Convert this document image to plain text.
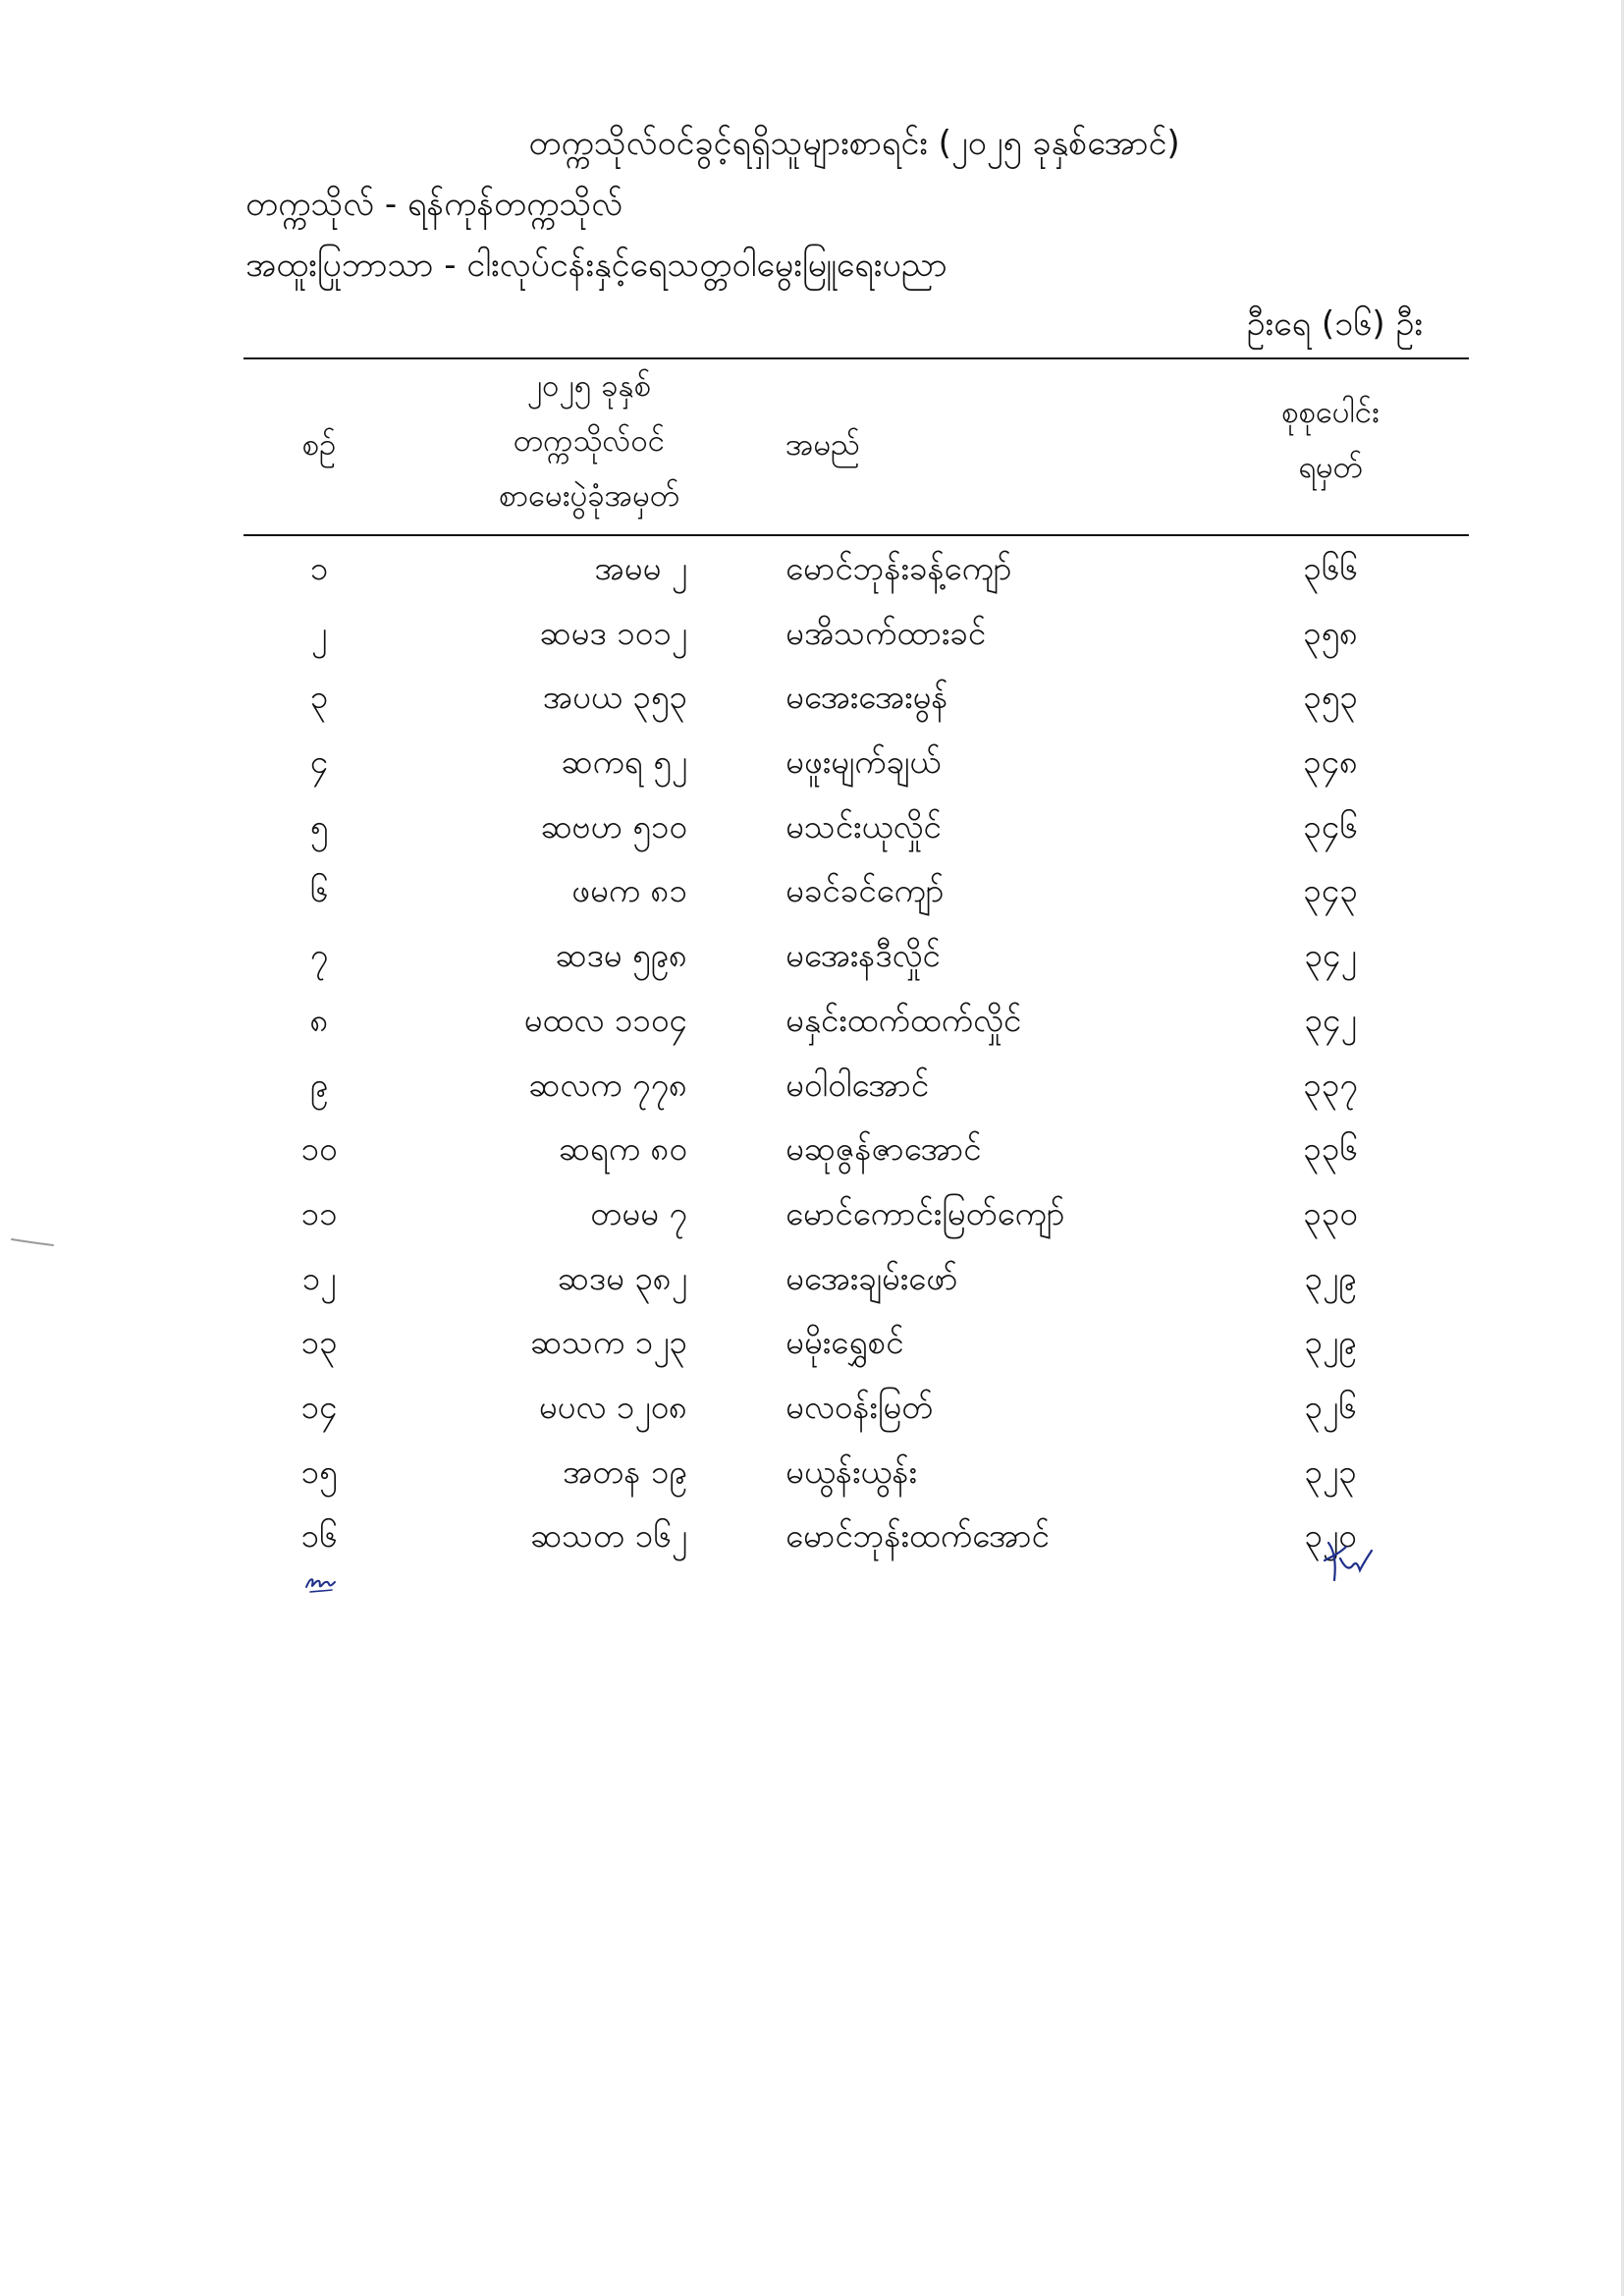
တက္ကသိုလ်ဝင်ခွင့်ရရှိသူများစာရင်း (၂၀၂၅ ခုနှစ်အောင်)
တက္ကသိုလ် - ရန်ကုန်တက္ကသိုလ်
အထူးပြုဘာသာ - ငါးလုပ်ငန်းနှင့်ရေသတ္တဝါမွေးမြူရေးပညာ
ဦးရေ (၁၆) ဦး
စဉ်
၂၀၂၅ ခုနှစ်
တက္ကသိုလ်ဝင်
စာမေးပွဲခုံအမှတ်
အမည်
စုစုပေါင်း
ရမှတ်
၁	အမမ ၂	မောင်ဘုန်းခန့်ကျော်	၃၆၆
၂	ဆမဒ ၁၀၁၂	မအိသက်ထားခင်	၃၅၈
၃	အပယ ၃၅၃	မအေးအေးမွန်	၃၅၃
၄	ဆကရ ၅၂	မဖူးမျက်ချယ်	၃၄၈
၅	ဆဗဟ ၅၁၀	မသင်းယုလှိုင်	၃၄၆
၆	ဖမက ၈၁	မခင်ခင်ကျော်	၃၄၃
၇	ဆဒမ ၅၉၈	မအေးနဒီလှိုင်	၃၄၂
၈	မထလ ၁၁၀၄	မနှင်းထက်ထက်လှိုင်	၃၄၂
၉	ဆလက ၇၇၈	မဝါဝါအောင်	၃၃၇
၁၀	ဆရက ၈၀	မဆုဇွန်ဇာအောင်	၃၃၆
၁၁	တမမ ၇	မောင်ကောင်းမြတ်ကျော်	၃၃၀
၁၂	ဆဒမ ၃၈၂	မအေးချမ်းဖော်	၃၂၉
၁၃	ဆသက ၁၂၃	မမိုးရွှေစင်	၃၂၉
၁၄	မပလ ၁၂၀၈	မလဝန်းမြတ်	၃၂၆
၁၅	အတန ၁၉	မယွန်းယွန်း	၃၂၃
၁၆	ဆသတ ၁၆၂	မောင်ဘုန်းထက်အောင်	၃၂၀
